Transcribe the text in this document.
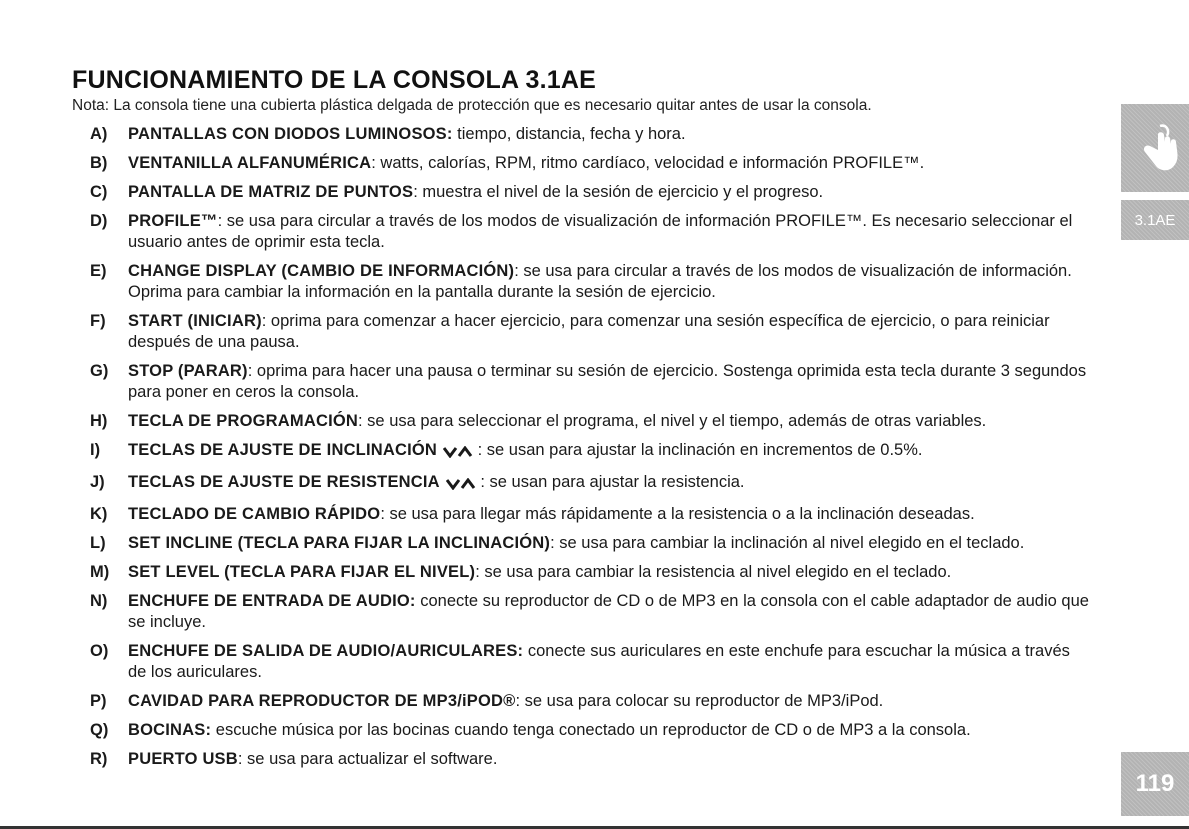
FUNCIONAMIENTO DE LA CONSOLA 3.1AE
Nota: La consola tiene una cubierta plástica delgada de protección que es necesario quitar antes de usar la consola.
A)	PANTALLAS CON DIODOS LUMINOSOS: tiempo, distancia, fecha y hora.
B)	VENTANILLA ALFANUMÉRICA: watts, calorías, RPM, ritmo cardíaco, velocidad e información PROFILE™.
C)	PANTALLA DE MATRIZ DE PUNTOS: muestra el nivel de la sesión de ejercicio y el progreso.
D)	PROFILE™: se usa para circular a través de los modos de visualización de información PROFILE™. Es necesario seleccionar el usuario antes de oprimir esta tecla.
E)	CHANGE DISPLAY (CAMBIO DE INFORMACIÓN): se usa para circular a través de los modos de visualización de información. Oprima para cambiar la información en la pantalla durante la sesión de ejercicio.
F)	START (INICIAR): oprima para comenzar a hacer ejercicio, para comenzar una sesión específica de ejercicio, o para reiniciar después de una pausa.
G)	STOP (PARAR): oprima para hacer una pausa o terminar su sesión de ejercicio. Sostenga oprimida esta tecla durante 3 segundos para poner en ceros la consola.
H)	TECLA DE PROGRAMACIÓN: se usa para seleccionar el programa, el nivel y el tiempo, además de otras variables.
I)	TECLAS DE AJUSTE DE INCLINACIÓN : se usan para ajustar la inclinación en incrementos de 0.5%.
J)	TECLAS DE AJUSTE DE RESISTENCIA : se usan para ajustar la resistencia.
K)	TECLADO DE CAMBIO RÁPIDO: se usa para llegar más rápidamente a la resistencia o a la inclinación deseadas.
L)	SET INCLINE (TECLA PARA FIJAR LA INCLINACIÓN): se usa para cambiar la inclinación al nivel elegido en el teclado.
M)	SET LEVEL (TECLA PARA FIJAR EL NIVEL): se usa para cambiar la resistencia al nivel elegido en el teclado.
N)	ENCHUFE DE ENTRADA DE AUDIO: conecte su reproductor de CD o de MP3 en la consola con el cable adaptador de audio que se incluye.
O)	ENCHUFE DE SALIDA DE AUDIO/AURICULARES: conecte sus auriculares en este enchufe para escuchar la música a través de los auriculares.
P)	CAVIDAD PARA REPRODUCTOR DE MP3/iPOD®: se usa para colocar su reproductor de MP3/iPod.
Q)	BOCINAS: escuche música por las bocinas cuando tenga conectado un reproductor de CD o de MP3 a la consola.
R)	PUERTO USB: se usa para actualizar el software.
3.1AE
119
